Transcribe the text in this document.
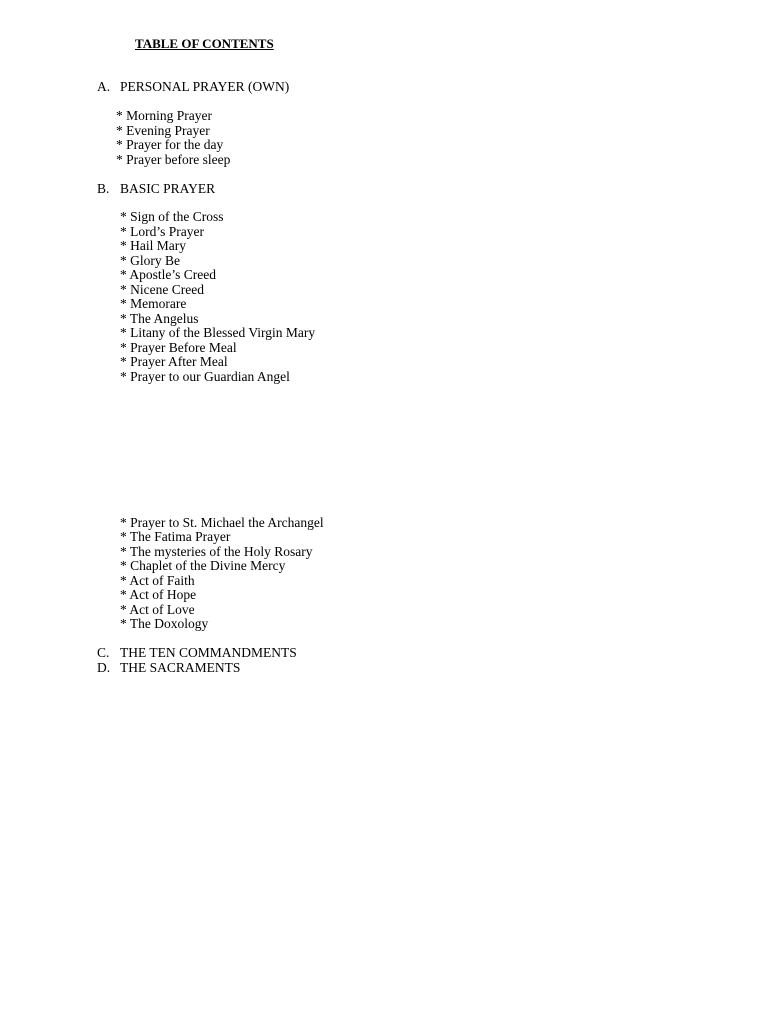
TABLE OF CONTENTS
A. PERSONAL PRAYER (OWN)
* Morning Prayer
* Evening Prayer
* Prayer for the day
* Prayer before sleep
B. BASIC PRAYER
* Sign of the Cross
* Lord’s Prayer
* Hail Mary
* Glory Be
* Apostle’s Creed
* Nicene Creed
* Memorare
* The Angelus
* Litany of the Blessed Virgin Mary
* Prayer Before Meal
* Prayer After Meal
* Prayer to our Guardian Angel
* Prayer to St. Michael the Archangel
* The Fatima Prayer
* The mysteries of the Holy Rosary
* Chaplet of the Divine Mercy
* Act of Faith
* Act of Hope
* Act of Love
* The Doxology
C. THE TEN COMMANDMENTS
D. THE SACRAMENTS
